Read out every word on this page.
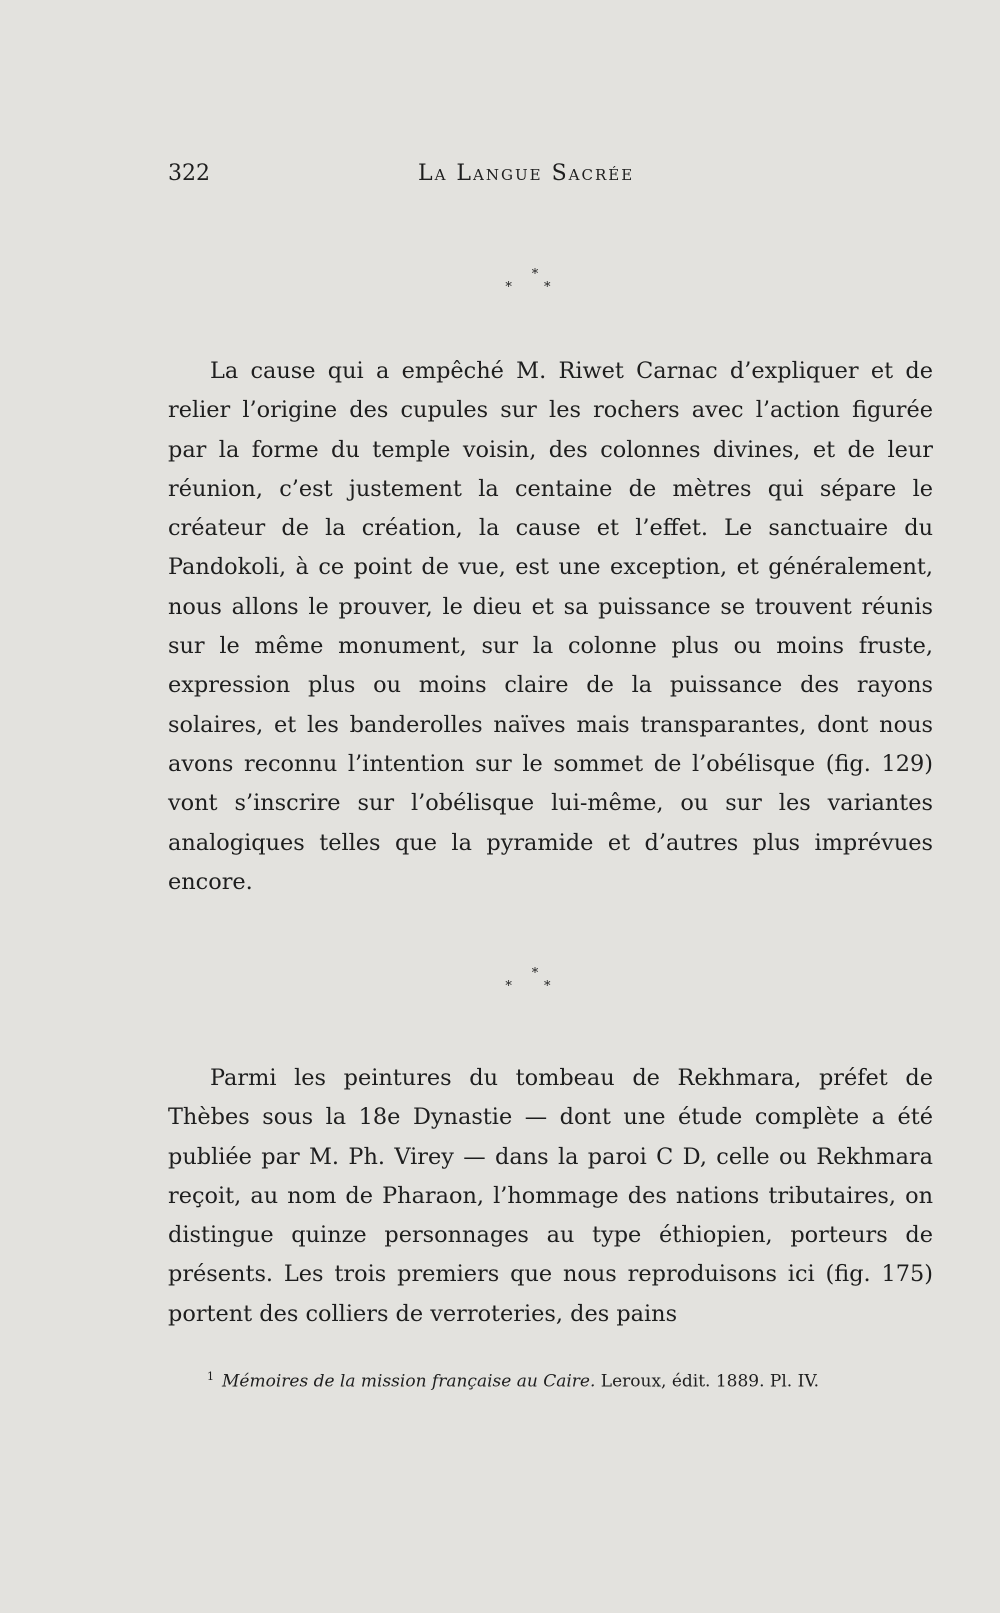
322	La Langue Sacrée
*
* *

La cause qui a empêché M. Riwet Carnac d’expliquer et de relier l’origine des cupules sur les rochers avec l’action figurée par la forme du temple voisin, des colonnes divines, et de leur réunion, c’est justement la centaine de mètres qui sépare le créateur de la création, la cause et l’effet. Le sanctuaire du Pandokoli, à ce point de vue, est une exception, et généralement, nous allons le prouver, le dieu et sa puissance se trouvent réunis sur le même monument, sur la colonne plus ou moins fruste, expression plus ou moins claire de la puissance des rayons solaires, et les banderolles naïves mais transparantes, dont nous avons reconnu l’intention sur le sommet de l’obélisque (fig. 129) vont s’inscrire sur l’obélisque lui-même, ou sur les variantes analogiques telles que la pyramide et d’autres plus imprévues encore.

*
* *

Parmi les peintures du tombeau de Rekhmara, préfet de Thèbes sous la 18e Dynastie — dont une étude complète a été publiée par M. Ph. Virey — dans la paroi C D, celle ou Rekhmara reçoit, au nom de Pharaon, l’hommage des nations tributaires, on distingue quinze personnages au type éthiopien, porteurs de présents. Les trois premiers que nous reproduisons ici (fig. 175) portent des colliers de verroteries, des pains

$^1$ Mémoires de la mission française au Caire. Leroux, édit. 1889. Pl. IV.
